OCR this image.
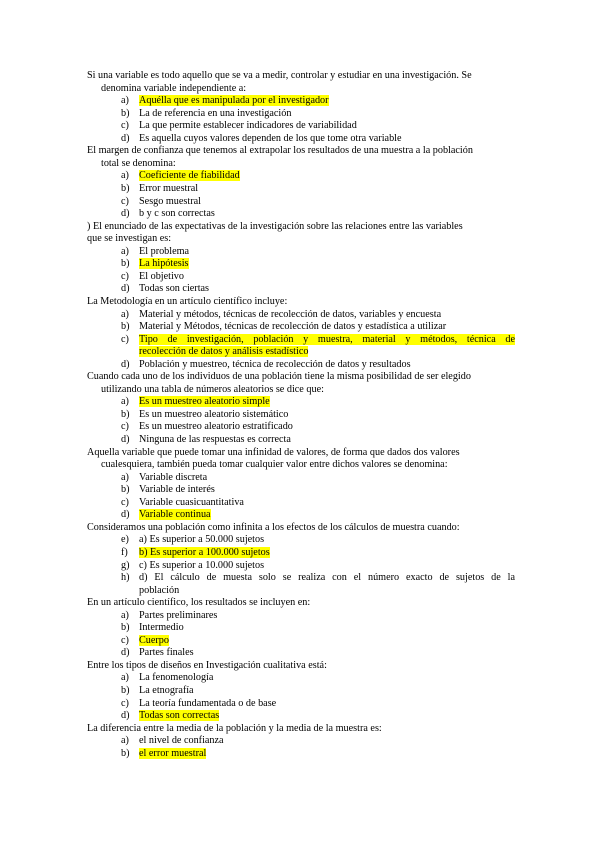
Si una variable es todo aquello que se va a medir, controlar y estudiar en una investigación. Se
denomina variable independiente a:
a) Aquélla que es manipulada por el investigador
b) La de referencia en una investigación
c) La que permite establecer indicadores de variabilidad
d) Es aquella cuyos valores dependen de los que tome otra variable
El margen de confianza que tenemos al extrapolar los resultados de una muestra a la población
total se denomina:
a) Coeficiente de fiabilidad
b) Error muestral
c) Sesgo muestral
d) b y c son correctas
) El enunciado de las expectativas de la investigación sobre las relaciones entre las variables
que se investigan es:
a) El problema
b) La hipótesis
c) El objetivo
d) Todas son ciertas
La Metodología en un artículo científico incluye:
a) Material y métodos, técnicas de recolección de datos, variables y encuesta
b) Material y Métodos, técnicas de recolección de datos y estadística a utilizar
c) Tipo de investigación, población y muestra, material y métodos, técnica de
recolección de datos y análisis estadístico
d) Población y muestreo, técnica de recolección de datos y resultados
Cuando cada uno de los individuos de una población tiene la misma posibilidad de ser elegido
utilizando una tabla de números aleatorios se dice que:
a) Es un muestreo aleatorio simple
b) Es un muestreo aleatorio sistemático
c) Es un muestreo aleatorio estratificado
d) Ninguna de las respuestas es correcta
Aquella variable que puede tomar una infinidad de valores, de forma que dados dos valores
cualesquiera, también pueda tomar cualquier valor entre dichos valores se denomina:
a) Variable discreta
b) Variable de interés
c) Variable cuasicuantitativa
d) Variable continua
Consideramos una población como infinita a los efectos de los cálculos de muestra cuando:
e) a) Es superior a 50.000 sujetos
f) b) Es superior a 100.000 sujetos
g) c) Es superior a 10.000 sujetos
h) d) El cálculo de muesta solo se realiza con el número exacto de sujetos de la
población
En un artículo científico, los resultados se incluyen en:
a) Partes preliminares
b) Intermedio
c) Cuerpo
d) Partes finales
Entre los tipos de diseños en Investigación cualitativa está:
a) La fenomenología
b) La etnografía
c) La teoría fundamentada o de base
d) Todas son correctas
La diferencia entre la media de la población y la media de la muestra es:
a) el nivel de confianza
b) el error muestral
